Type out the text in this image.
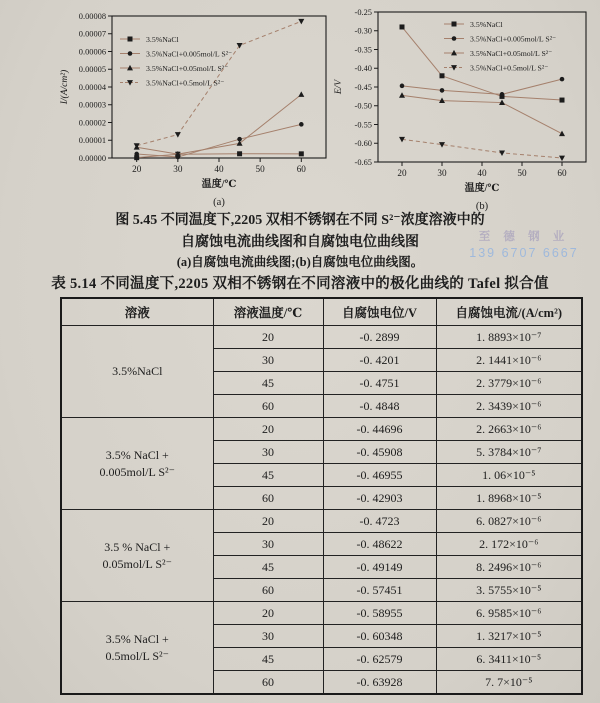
0.00000
0.00001
0.00002
0.00003
0.00004
0.00005
0.00006
0.00007
0.00008
20	30	40	50	60
温度/℃
(a)
I/(A/cm²)
3.5%NaCl
3.5%NaCl+0.005mol/L S²⁻
3.5%NaCl+0.05mol/L S²⁻
3.5%NaCl+0.5mol/L S²⁻
-0.65
-0.60
-0.55
-0.50
-0.45
-0.40
-0.35
-0.30
-0.25
20	30	40	50	60
温度/℃
(b)
E/V
3.5%NaCl
3.5%NaCl+0.005mol/L S²⁻
3.5%NaCl+0.05mol/L S²⁻
3.5%NaCl+0.5mol/L S²⁻
图 5.45 不同温度下,2205 双相不锈钢在不同 S²⁻浓度溶液中的
自腐蚀电流曲线图和自腐蚀电位曲线图
(a)自腐蚀电流曲线图;(b)自腐蚀电位曲线图。
至 德 钢 业
139 6707 6667
表 5.14 不同温度下,2205 双相不锈钢在不同溶液中的极化曲线的 Tafel 拟合值
溶液	溶液温度/℃	自腐蚀电位/V	自腐蚀电流/(A/cm²)

3.5%NaCl	20	-0. 2899	1. 8893×10⁻⁷
	30	-0. 4201	2. 1441×10⁻⁶
	45	-0. 4751	2. 3779×10⁻⁶
	60	-0. 4848	2. 3439×10⁻⁶

3.5% NaCl +
0.005mol/L S²⁻	20	-0. 44696	2. 2663×10⁻⁶
	30	-0. 45908	5. 3784×10⁻⁷
	45	-0. 46955	1. 06×10⁻⁵
	60	-0. 42903	1. 8968×10⁻⁵

3.5 % NaCl +
0.05mol/L S²⁻	20	-0. 4723	6. 0827×10⁻⁶
	30	-0. 48622	2. 172×10⁻⁶
	45	-0. 49149	8. 2496×10⁻⁶
	60	-0. 57451	3. 5755×10⁻⁵

3.5% NaCl +
0.5mol/L S²⁻	20	-0. 58955	6. 9585×10⁻⁶
	30	-0. 60348	1. 3217×10⁻⁵
	45	-0. 62579	6. 3411×10⁻⁵
	60	-0. 63928	7. 7×10⁻⁵
